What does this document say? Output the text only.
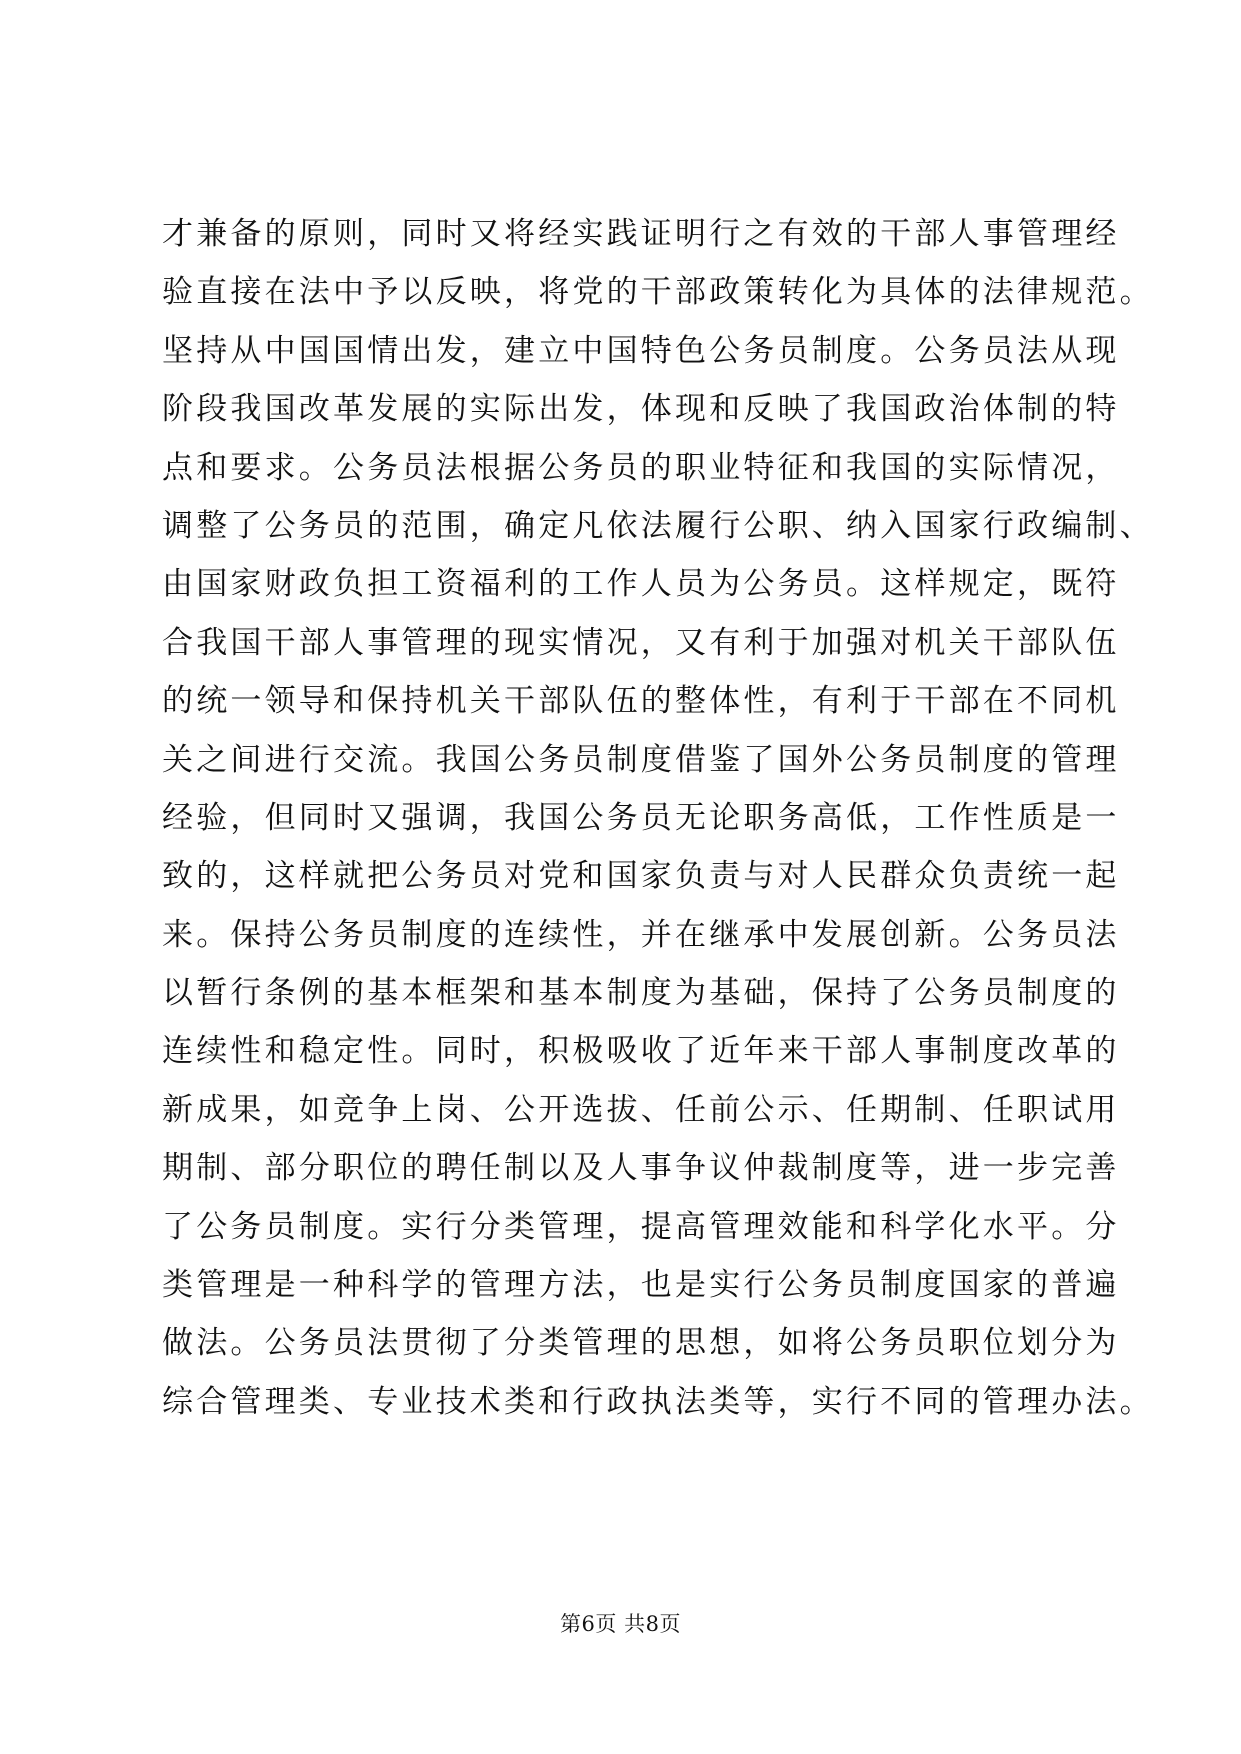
才兼备的原则，同时又将经实践证明行之有效的干部人事管理经
验直接在法中予以反映，将党的干部政策转化为具体的法律规范。
坚持从中国国情出发，建立中国特色公务员制度。公务员法从现
阶段我国改革发展的实际出发，体现和反映了我国政治体制的特
点和要求。公务员法根据公务员的职业特征和我国的实际情况，
调整了公务员的范围，确定凡依法履行公职、纳入国家行政编制、
由国家财政负担工资福利的工作人员为公务员。这样规定，既符
合我国干部人事管理的现实情况，又有利于加强对机关干部队伍
的统一领导和保持机关干部队伍的整体性，有利于干部在不同机
关之间进行交流。我国公务员制度借鉴了国外公务员制度的管理
经验，但同时又强调，我国公务员无论职务高低，工作性质是一
致的，这样就把公务员对党和国家负责与对人民群众负责统一起
来。保持公务员制度的连续性，并在继承中发展创新。公务员法
以暂行条例的基本框架和基本制度为基础，保持了公务员制度的
连续性和稳定性。同时，积极吸收了近年来干部人事制度改革的
新成果，如竞争上岗、公开选拔、任前公示、任期制、任职试用
期制、部分职位的聘任制以及人事争议仲裁制度等，进一步完善
了公务员制度。实行分类管理，提高管理效能和科学化水平。分
类管理是一种科学的管理方法，也是实行公务员制度国家的普遍
做法。公务员法贯彻了分类管理的思想，如将公务员职位划分为
综合管理类、专业技术类和行政执法类等，实行不同的管理办法。
第6页 共8页
